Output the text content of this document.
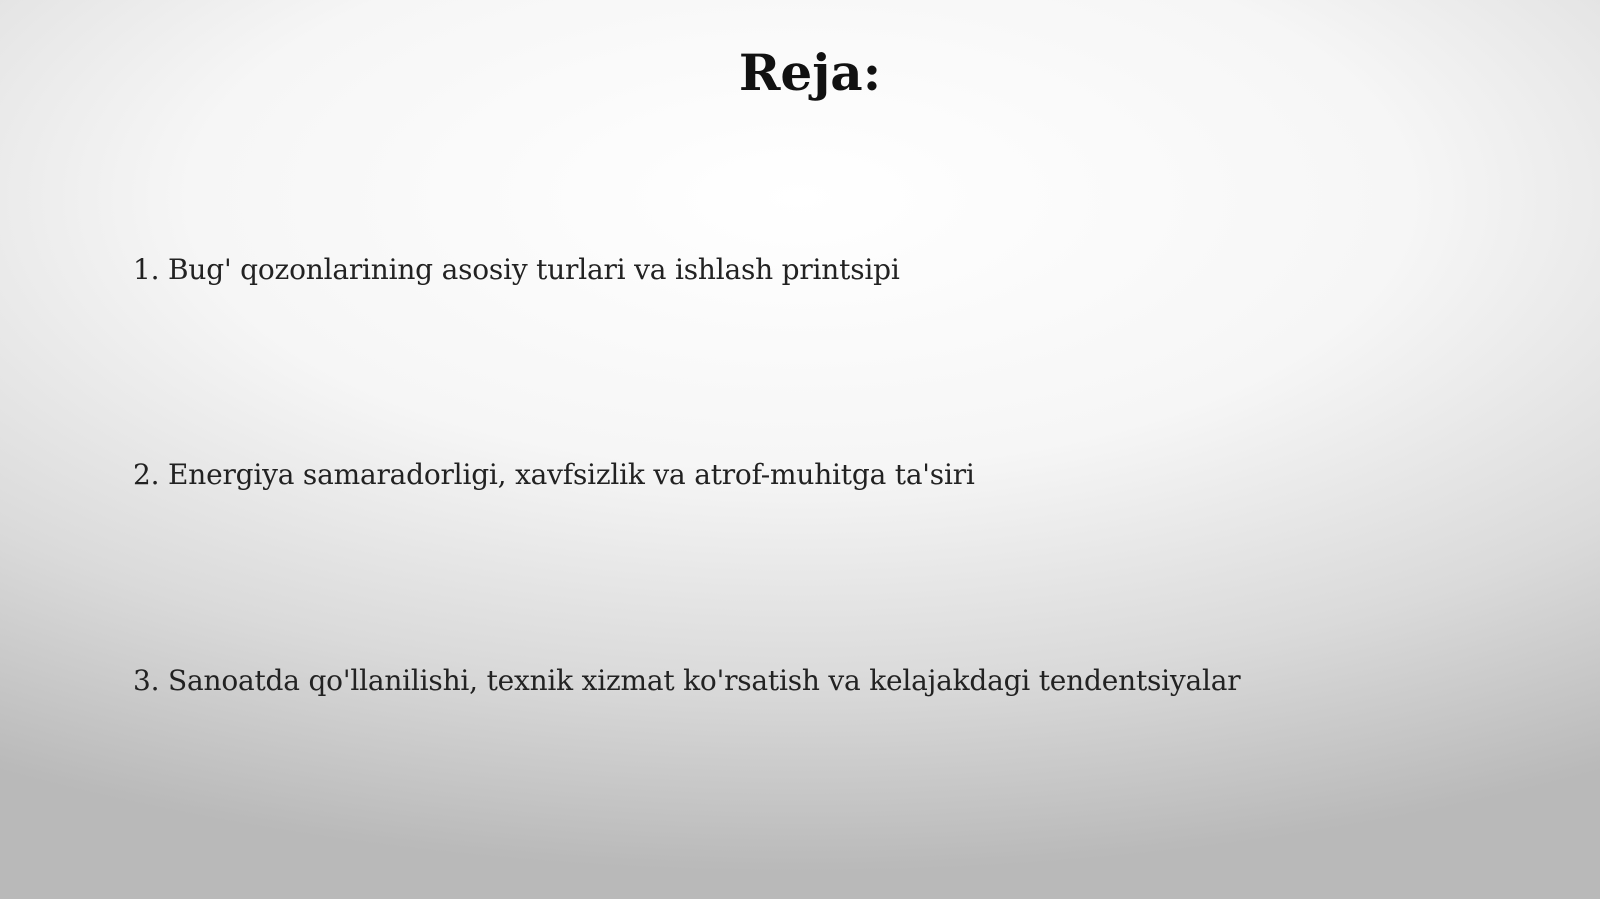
Reja:
1. Bug' qozonlarining asosiy turlari va ishlash printsipi
2. Energiya samaradorligi, xavfsizlik va atrof-muhitga ta'siri
3. Sanoatda qo'llanilishi, texnik xizmat ko'rsatish va kelajakdagi tendentsiyalar
